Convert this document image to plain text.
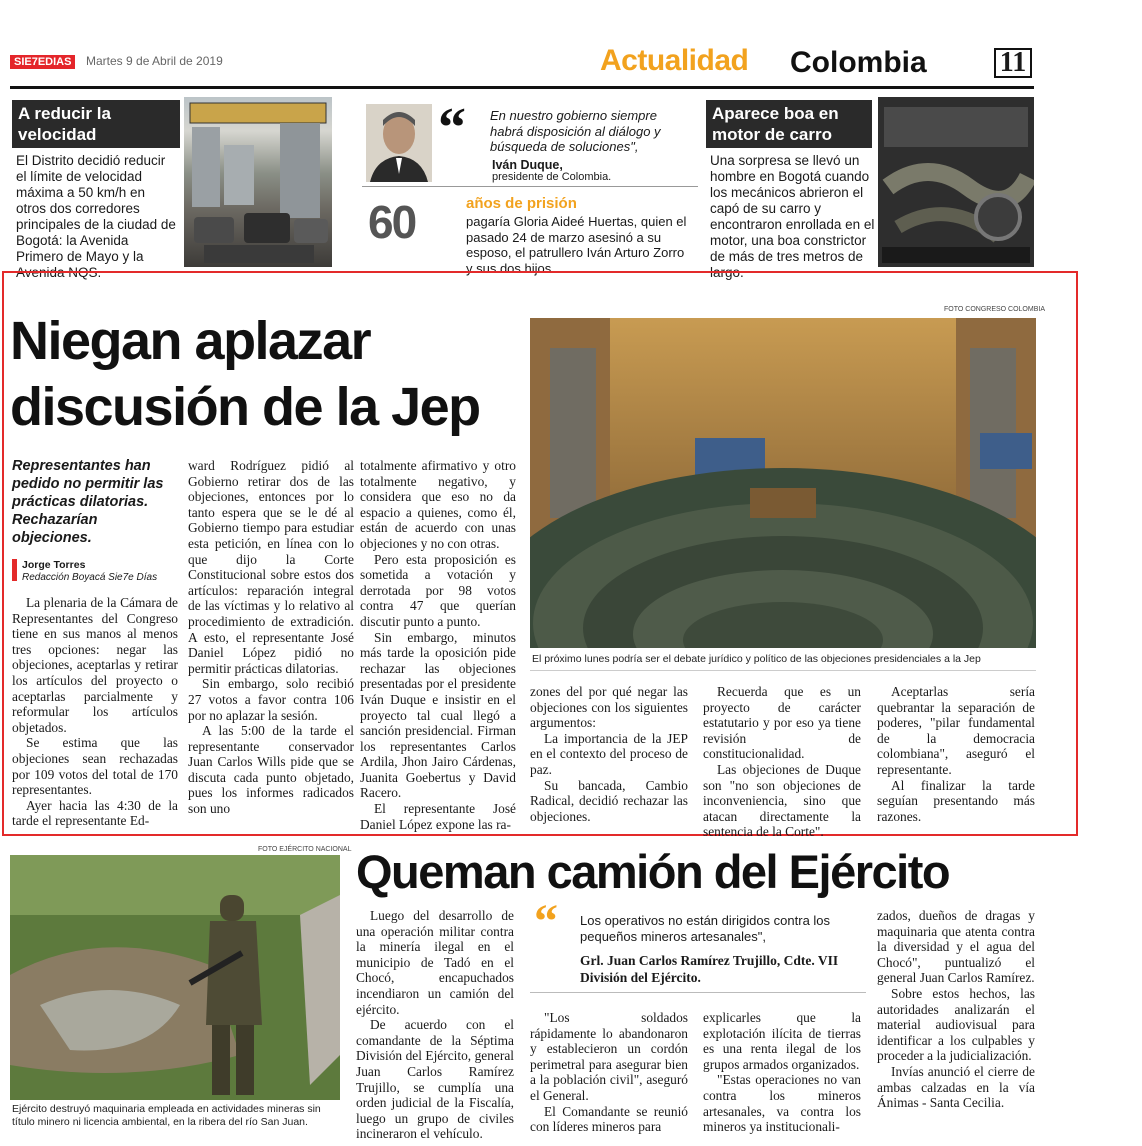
SIE7EDIAS	Martes 9 de Abril de 2019	Actualidad Colombia	11
A reducir la velocidad
El Distrito decidió reducir el límite de velocidad máxima a 50 km/h en otros dos corredores principales de la ciudad de Bogotá: la Avenida Primero de Mayo y la Avenida NQS.
“ En nuestro gobierno siempre habrá disposición al diálogo y búsqueda de soluciones",
Iván Duque,
presidente de Colombia.
60	años de prisión
pagaría Gloria Aideé Huertas, quien el pasado 24 de marzo asesinó a su esposo, el patrullero Iván Arturo Zorro y sus dos hijos.
Aparece boa en motor de carro
Una sorpresa se llevó un hombre en Bogotá cuando los mecánicos abrieron el capó de su carro y encontraron enrollada en el motor, una boa constrictor de más de tres metros de largo.
Niegan aplazar discusión de la Jep
Representantes han pedido no permitir las prácticas dilatorias. Rechazarían objeciones.
Jorge Torres
Redacción Boyacá Sie7e Días

La plenaria de la Cámara de Representantes del Congreso tiene en sus manos al menos tres opciones: negar las objeciones, aceptarlas y retirar los artículos del proyecto o aceptarlas parcialmente y reformular los artículos objetados.

Se estima que las objeciones sean rechazadas por 109 votos del total de 170 representantes.

Ayer hacia las 4:30 de la tarde el representante Ed-

ward Rodríguez pidió al Gobierno retirar dos de las objeciones, entonces por lo tanto espera que se le dé al Gobierno tiempo para estudiar esta petición, en línea con lo que dijo la Corte Constitucional sobre estos dos artículos: reparación integral de las víctimas y lo relativo al procedimiento de extradición. A esto, el representante José Daniel López pidió no permitir prácticas dilatorias.

Sin embargo, solo recibió 27 votos a favor contra 106 por no aplazar la sesión.

A las 5:00 de la tarde el representante conservador Juan Carlos Wills pide que se discuta cada punto objetado, pues los informes radicados son uno

totalmente afirmativo y otro totalmente negativo, y considera que eso no da espacio a quienes, como él, están de acuerdo con unas objeciones y no con otras.

Pero esta proposición es sometida a votación y derrotada por 98 votos contra 47 que querían discutir punto a punto.

Sin embargo, minutos más tarde la oposición pide rechazar las objeciones presentadas por el presidente Iván Duque e insistir en el proyecto tal cual llegó a sanción presidencial. Firman los representantes Carlos Ardila, Jhon Jairo Cárdenas, Juanita Goebertus y David Racero.

El representante José Daniel López expone las ra-

FOTO CONGRESO COLOMBIA
El próximo lunes podría ser el debate jurídico y político de las objeciones presidenciales a la Jep

zones del por qué negar las objeciones con los siguientes argumentos:

La importancia de la JEP en el contexto del proceso de paz.

Su bancada, Cambio Radical, decidió rechazar las objeciones.

Recuerda que es un proyecto de carácter estatutario y por eso ya tiene revisión de constitucionalidad.

Las objeciones de Duque son "no son objeciones de inconveniencia, sino que atacan directamente la sentencia de la Corte".

Aceptarlas sería quebrantar la separación de poderes, "pilar fundamental de la democracia colombiana", aseguró el representante.

Al finalizar la tarde seguían presentando más razones.

FOTO EJÉRCITO NACIONAL
Ejército destruyó maquinaria empleada en actividades mineras sin título minero ni licencia ambiental, en la ribera del río San Juan.
Queman camión del Ejército

Luego del desarrollo de una operación militar contra la minería ilegal en el municipio de Tadó en el Chocó, encapuchados incendiaron un camión del ejército.

De acuerdo con el comandante de la Séptima División del Ejército, general Juan Carlos Ramírez Trujillo, se cumplía una orden judicial de la Fiscalía, luego un grupo de civiles incineraron el vehículo.

“ Los operativos no están dirigidos contra los pequeños mineros artesanales",
Grl. Juan Carlos Ramírez Trujillo, Cdte. VII División del Ejército.

"Los soldados rápidamente lo abandonaron y establecieron un cordón perimetral para asegurar bien a la población civil", aseguró el General.

El Comandante se reunió con líderes mineros para

explicarles que la explotación ilícita de tierras es una renta ilegal de los grupos armados organizados.

"Estas operaciones no van contra los mineros artesanales, va contra los mineros ya institucionali-

zados, dueños de dragas y maquinaria que atenta contra la diversidad y el agua del Chocó", puntualizó el general Juan Carlos Ramírez.

Sobre estos hechos, las autoridades analizarán el material audiovisual para identificar a los culpables y proceder a la judicialización.

Invías anunció el cierre de ambas calzadas en la vía Ánimas - Santa Cecilia.
